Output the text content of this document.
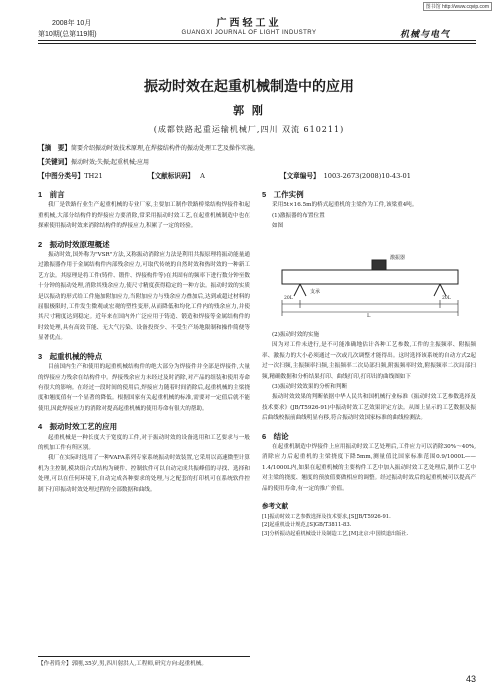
图书馆 http://www.cqvip.com
2008年 10月
第10期(总第119期)
广西轻工业
GUANGXI JOURNAL OF LIGHT INDUSTRY	机械与电气
振动时效在起重机械制造中的应用
郭 刚
(成都铁路起重运输机械厂,四川 双流 610211)
【摘　要】简要介绍振动时效技术原理,在焊接结构件的振动处理工艺及操作实施。
【关键词】振动时效;失振;起重机械;应用
【中图分类号】TH21	【文献标识码】 A	【文章编号】 1003-2673(2008)10-43-01

1　前言

我厂是铁路行业生产起重机械的专业厂家,主要加工制作铁路桥梁结构焊接件和起重机械,大部分结构件的焊接应力要消除,常采用振动时效工艺,在起重机械制造中也在探索使用振动时效来消除结构件的焊接应力,积累了一定的经验。

2　振动时效原理概述

振动时效,国外称为"VSR"方法,又称振动消除应力法是利用共振原理将振动能量通过激振器作用于金属结构件内部残余应力,可取代传统的自然时效和热时效的一种新工艺方法。其原理是将工件(铸件、锻件、焊接构件等)在其固有的频率下进行数分钟至数十分钟的振动处理,消除其残余应力,使尺寸精度获得稳定的一种方法。振动时效的实质是以振动的形式给工件施加附加应力,当附加应力与残余应力叠加后,达到或超过材料的屈服极限时,工件发生微观或宏观的塑性变形,从而降低和均化工件内的残余应力,并使其尺寸精度达到稳定。近年来在国内外广泛应用于铸造、锻造和焊接等金属结构件的时效处理,具有高效节能、无大气污染、设备投资少、不受生产场地限制和操作简便等显著优点。

3　起重机械的特点

目前国内生产和使用的起重机械结构件的绝大部分为焊接件并全部是焊接件,大量的焊接应力残余在结构件中。焊接残余应力未经过及时消除,对产品的组装和使用寿命有很大的影响。在经过一段时间的使用后,焊接应力随着时间消除后,起重机械的主梁挠度和翘度值有一个显著的降低。根据国家有关起重机械的标准,需要对一定值后就不能使用,因此焊接应力的消除对提高起重机械的使用寿命有很大的帮助。

4　振动时效工艺的应用

起重机械是一种长度大于宽度的工件,对于振动时效的设备选用和工艺要求与一般的机加工件有所区别。

我厂在实际时选用了一种VAFA系列专家系统振动时效装置,它采用以高速微型计算机为主控制,模块组合式结构为硬件、控制软件可以自动完成共振峰值的寻找、选择和处理,可以在任何环境下,自动完成各种要求的处理,与之配套的打印机可在系统软件控制下打印振动时效处理过程的全部数据和曲线。

【作者简介】郭刚,35岁,男,四川射洪人,工程师,研究方向:起重机械。

5　工作实例

采用5t×16.5m的桥式起重机的主梁作为工件,该梁重4吨。

(1)激振器的布置位置

如图

激振器
支承
20L	20L
L

(2)振动时效的实施

因为对工件未进行,是不可能准确地估计各种工艺参数,工件的主振频率、附振频率、激振力的大小必须通过一次或几次调整才能得出。这时选择该系统的自动方式2起过一次扫频,主振频率扫频,主振频率二次局部扫频,附振频率时效,附振频率二次局部扫频,精确数据和分析结果打印、曲线打印,打印出的曲线图如下

(3)振动时效效果的分析和判断

振动时效效果的判断依据中华人民共和国机械行业标准《振动时效工艺参数选择及技术要求》(JB/T5926-91)中振动时效工艺效果评定方法。从图上显示的工艺数据及振后曲线校振前曲线明显有移,符合振动时效国家标准的曲线检测法。

6　结论

在起重机制造中焊接件上应用振动时效工艺处理后,工件应力可以消除30%～40%,消除应力后起重机的主梁挠度下降5mm,测量值比国家标准范围0.9/1000L——1.4/1000L内,如果在起重机械的主要构件工艺中加入振动时效工艺处理后,制作工艺中对主梁的挠度、翘度的预放值要做相应的调整。经过振动时效后的起重机械可以提高产品的使用寿命,有一定的推广价值。

参考文献

[1]振动时效工艺参数选择及技术要求,[S]JB/T5926-91.
[2]起重机设计规范,[S]GB/T3811-83.
[3]分析振动起重机械设计及制造工艺,[M]北京:中国铁道出版社.
43
